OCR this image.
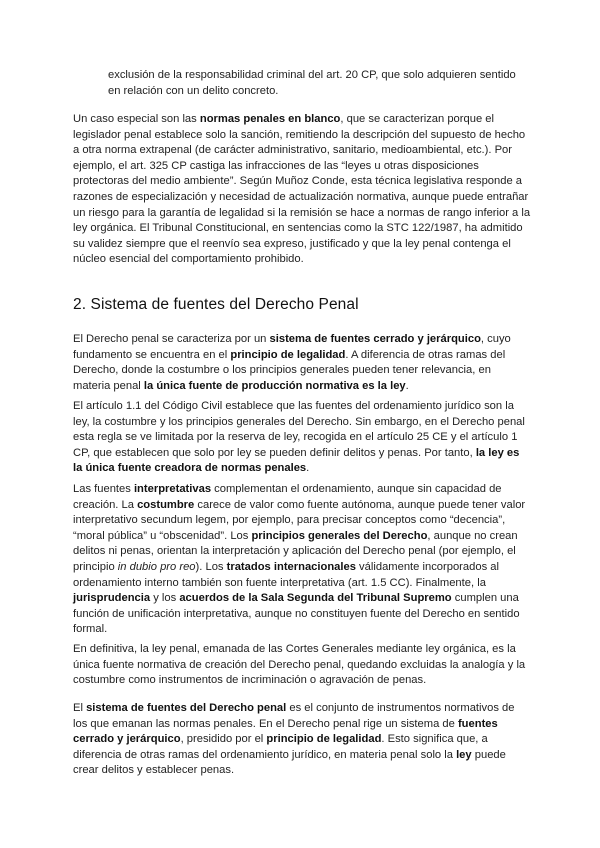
exclusión de la responsabilidad criminal del art. 20 CP, que solo adquieren sentido en relación con un delito concreto.

Un caso especial son las normas penales en blanco, que se caracterizan porque el legislador penal establece solo la sanción, remitiendo la descripción del supuesto de hecho a otra norma extrapenal (de carácter administrativo, sanitario, medioambiental, etc.). Por ejemplo, el art. 325 CP castiga las infracciones de las “leyes u otras disposiciones protectoras del medio ambiente”. Según Muñoz Conde, esta técnica legislativa responde a razones de especialización y necesidad de actualización normativa, aunque puede entrañar un riesgo para la garantía de legalidad si la remisión se hace a normas de rango inferior a la ley orgánica. El Tribunal Constitucional, en sentencias como la STC 122/1987, ha admitido su validez siempre que el reenvío sea expreso, justificado y que la ley penal contenga el núcleo esencial del comportamiento prohibido.

2. Sistema de fuentes del Derecho Penal

El Derecho penal se caracteriza por un sistema de fuentes cerrado y jerárquico, cuyo fundamento se encuentra en el principio de legalidad. A diferencia de otras ramas del Derecho, donde la costumbre o los principios generales pueden tener relevancia, en materia penal la única fuente de producción normativa es la ley.

El artículo 1.1 del Código Civil establece que las fuentes del ordenamiento jurídico son la ley, la costumbre y los principios generales del Derecho. Sin embargo, en el Derecho penal esta regla se ve limitada por la reserva de ley, recogida en el artículo 25 CE y el artículo 1 CP, que establecen que solo por ley se pueden definir delitos y penas. Por tanto, la ley es la única fuente creadora de normas penales.

Las fuentes interpretativas complementan el ordenamiento, aunque sin capacidad de creación. La costumbre carece de valor como fuente autónoma, aunque puede tener valor interpretativo secundum legem, por ejemplo, para precisar conceptos como “decencia”, “moral pública” u “obscenidad”. Los principios generales del Derecho, aunque no crean delitos ni penas, orientan la interpretación y aplicación del Derecho penal (por ejemplo, el principio in dubio pro reo). Los tratados internacionales válidamente incorporados al ordenamiento interno también son fuente interpretativa (art. 1.5 CC). Finalmente, la jurisprudencia y los acuerdos de la Sala Segunda del Tribunal Supremo cumplen una función de unificación interpretativa, aunque no constituyen fuente del Derecho en sentido formal.

En definitiva, la ley penal, emanada de las Cortes Generales mediante ley orgánica, es la única fuente normativa de creación del Derecho penal, quedando excluidas la analogía y la costumbre como instrumentos de incriminación o agravación de penas.

El sistema de fuentes del Derecho penal es el conjunto de instrumentos normativos de los que emanan las normas penales. En el Derecho penal rige un sistema de fuentes cerrado y jerárquico, presidido por el principio de legalidad. Esto significa que, a diferencia de otras ramas del ordenamiento jurídico, en materia penal solo la ley puede crear delitos y establecer penas.
